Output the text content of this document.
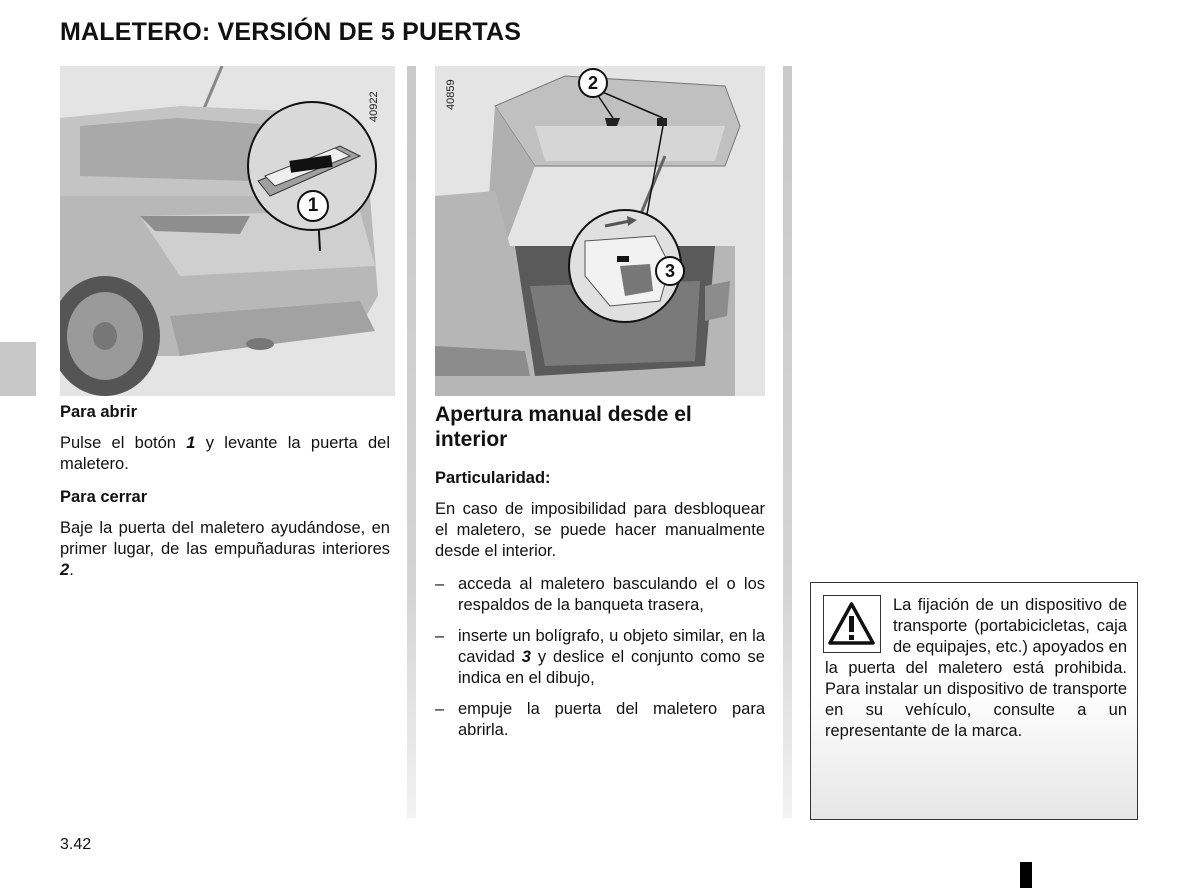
MALETERO: VERSIÓN DE 5 PUERTAS
1
40922
2
3
40859
Para abrir

Pulse el botón 1 y levante la puerta del maletero.

Para cerrar

Baje la puerta del maletero ayudándose, en primer lugar, de las empuñaduras interiores 2.

Apertura manual desde el interior
Particularidad:

En caso de imposibilidad para desbloquear el maletero, se puede hacer manualmente desde el interior.

– acceda al maletero basculando el o los respaldos de la banqueta trasera,
– inserte un bolígrafo, u objeto similar, en la cavidad 3 y deslice el conjunto como se indica en el dibujo,
– empuje la puerta del maletero para abrirla.
La fijación de un dispositivo de transporte (portabicicletas, caja de equipajes, etc.) apoyados en la puerta del maletero está prohibida. Para instalar un dispositivo de transporte en su vehículo, consulte a un representante de la marca.
3.42
